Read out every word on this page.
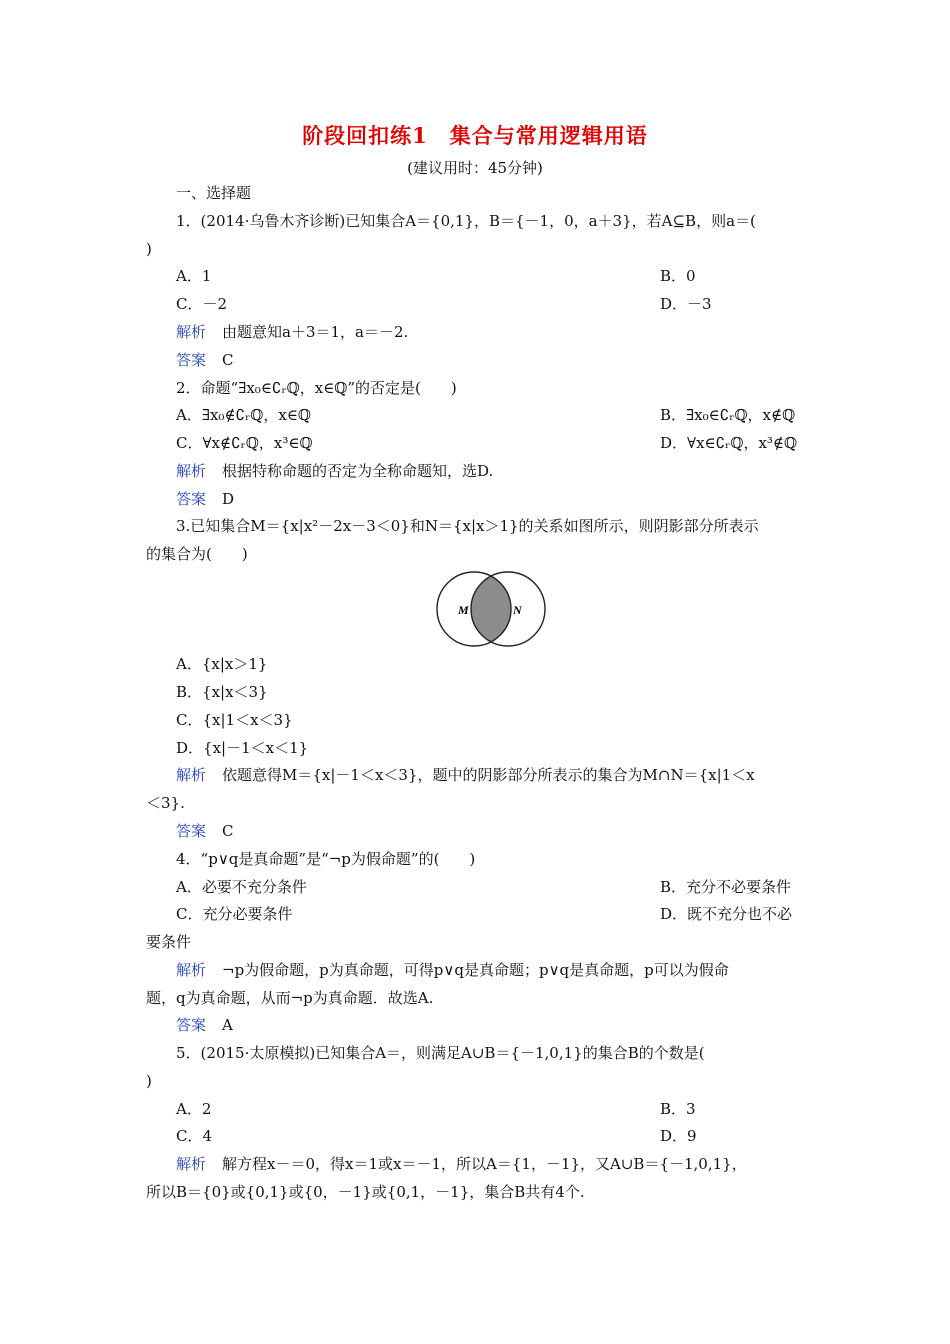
阶段回扣练1　集合与常用逻辑用语
(建议用时：45分钟)
一、选择题
1．(2014·乌鲁木齐诊断)已知集合A＝{0,1}，B＝{－1，0，a＋3}，若A⊆B，则a＝(
)
A．1	B．0
C．－2	D．－3
解析 由题意知a＋3＝1，a＝－2.
答案 C
2．命题“∃x₀∈∁ᵣℚ，x∈ℚ”的否定是(　　)
A．∃x₀∉∁ᵣℚ，x∈ℚ	B．∃x₀∈∁ᵣℚ，x∉ℚ
C．∀x∉∁ᵣℚ，x³∈ℚ	D．∀x∈∁ᵣℚ，x³∉ℚ
解析 根据特称命题的否定为全称命题知，选D.
答案 D
3.已知集合M＝{x|x²－2x－3＜0}和N＝{x|x＞1}的关系如图所示，则阴影部分所表示
的集合为(　　)
M	N
A．{x|x＞1}
B．{x|x＜3}
C．{x|1＜x＜3}
D．{x|－1＜x＜1}
解析 依题意得M＝{x|－1＜x＜3}，题中的阴影部分所表示的集合为M∩N＝{x|1＜x
＜3}.
答案 C
4．“p∨q是真命题”是“¬p为假命题”的(　　)
A．必要不充分条件	B．充分不必要条件
C．充分必要条件	D．既不充分也不必
要条件
解析 ¬p为假命题，p为真命题，可得p∨q是真命题；p∨q是真命题，p可以为假命
题，q为真命题，从而¬p为真命题．故选A.
答案 A
5．(2015·太原模拟)已知集合A＝，则满足A∪B＝{－1,0,1}的集合B的个数是(
)
A．2	B．3
C．4	D．9
解析 解方程x－＝0，得x＝1或x＝－1，所以A＝{1，－1}，又A∪B＝{－1,0,1}，
所以B＝{0}或{0,1}或{0，－1}或{0,1，－1}，集合B共有4个.
